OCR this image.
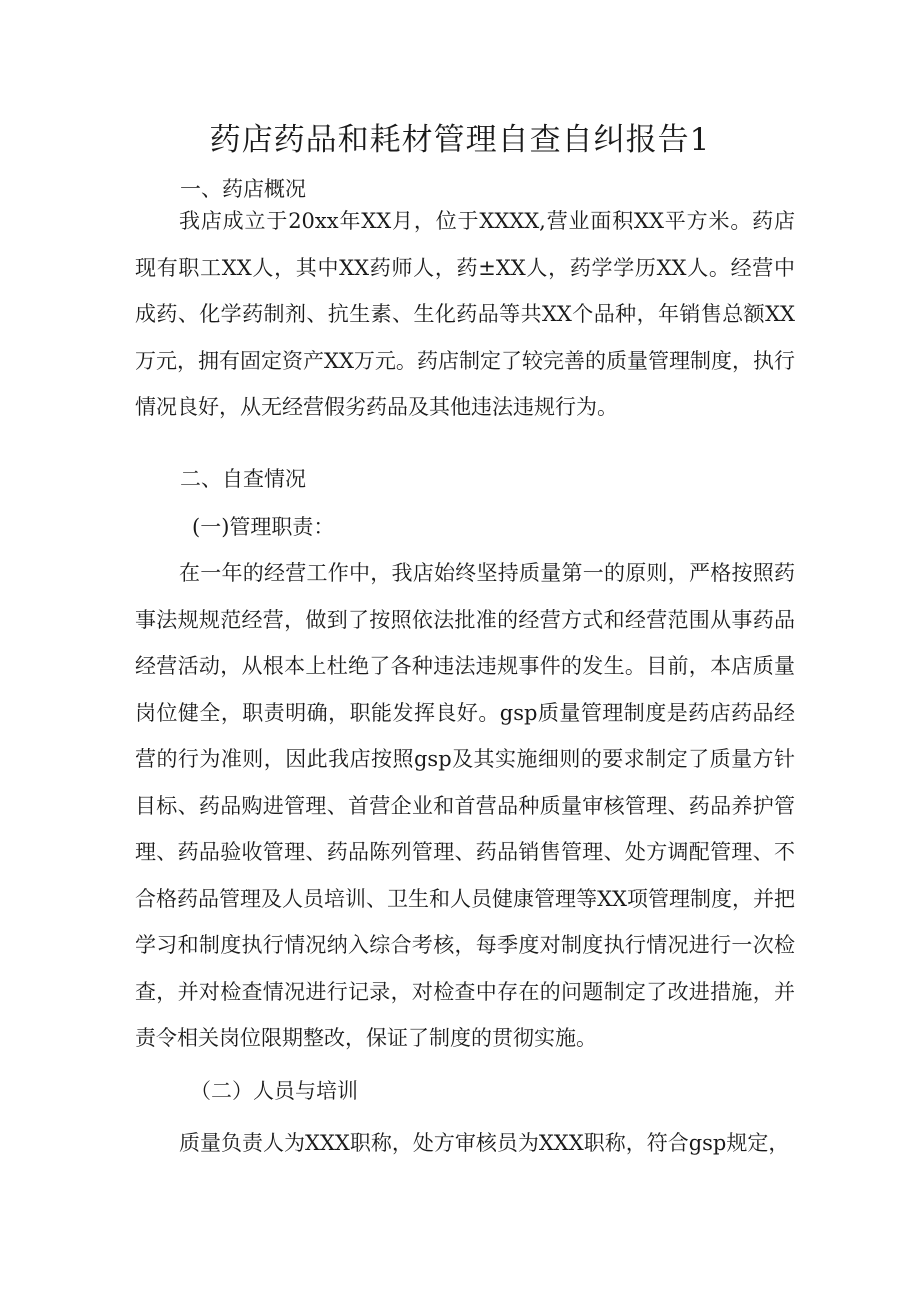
药店药品和耗材管理自查自纠报告1
一、药店概况

我店成立于20xx年XX月，位于XXXX,营业面积XX平方米。药店现有职工XX人，其中XX药师人，药±XX人，药学学历XX人。经营中成药、化学药制剂、抗生素、生化药品等共XX个品种，年销售总额XX万元，拥有固定资产XX万元。药店制定了较完善的质量管理制度，执行情况良好，从无经营假劣药品及其他违法违规行为。

二、自查情况
(一)管理职责：

在一年的经营工作中，我店始终坚持质量第一的原则，严格按照药事法规规范经营，做到了按照依法批准的经营方式和经营范围从事药品经营活动，从根本上杜绝了各种违法违规事件的发生。目前，本店质量岗位健全，职责明确，职能发挥良好。gsp质量管理制度是药店药品经营的行为准则，因此我店按照gsp及其实施细则的要求制定了质量方针目标、药品购进管理、首营企业和首营品种质量审核管理、药品养护管理、药品验收管理、药品陈列管理、药品销售管理、处方调配管理、不合格药品管理及人员培训、卫生和人员健康管理等XX项管理制度，并把学习和制度执行情况纳入综合考核，每季度对制度执行情况进行一次检查，并对检查情况进行记录，对检查中存在的问题制定了改进措施，并责令相关岗位限期整改，保证了制度的贯彻实施。

（二）人员与培训

质量负责人为XXX职称，处方审核员为XXX职称，符合gsp规定，
